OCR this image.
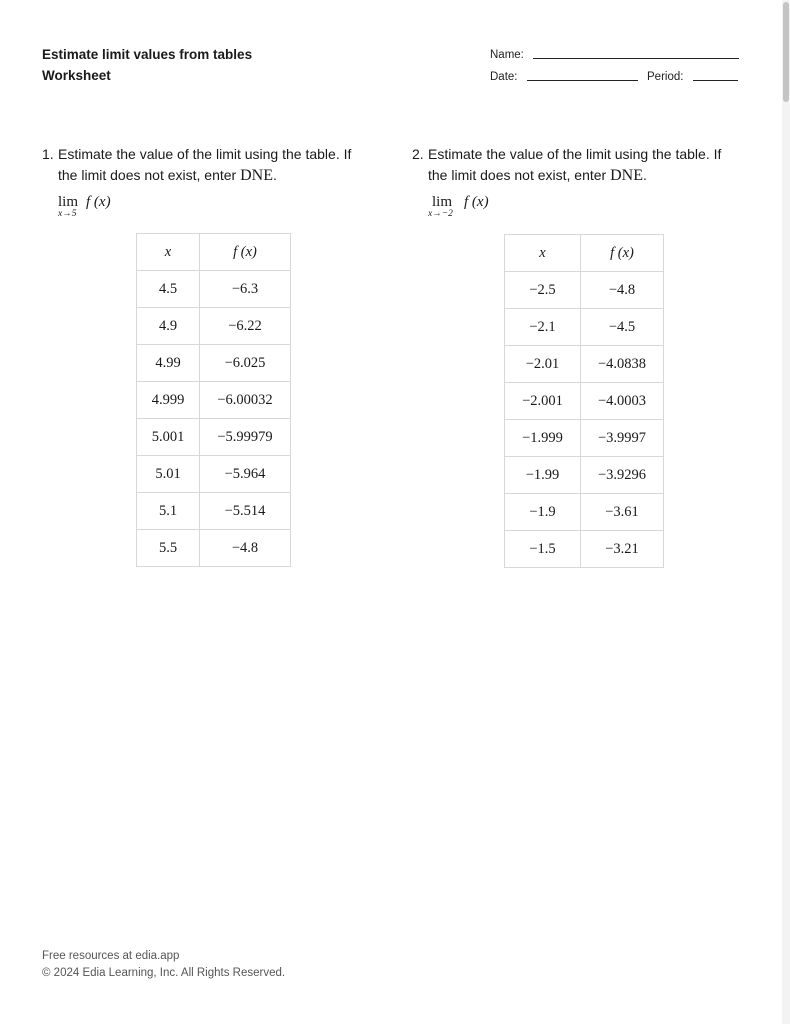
Estimate limit values from tables
Worksheet
Name:
Date:	Period:
1. Estimate the value of the limit using the table. If
the limit does not exist, enter DNE.
lim
x→5
f (x)
x	f (x)
4.5	−6.3
4.9	−6.22
4.99	−6.025
4.999	−6.00032
5.001	−5.99979
5.01	−5.964
5.1	−5.514
5.5	−4.8
2. Estimate the value of the limit using the table. If
the limit does not exist, enter DNE.
lim
x→−2
f (x)
x	f (x)
−2.5	−4.8
−2.1	−4.5
−2.01	−4.0838
−2.001	−4.0003
−1.999	−3.9997
−1.99	−3.9296
−1.9	−3.61
−1.5	−3.21
Free resources at edia.app
© 2024 Edia Learning, Inc. All Rights Reserved.
